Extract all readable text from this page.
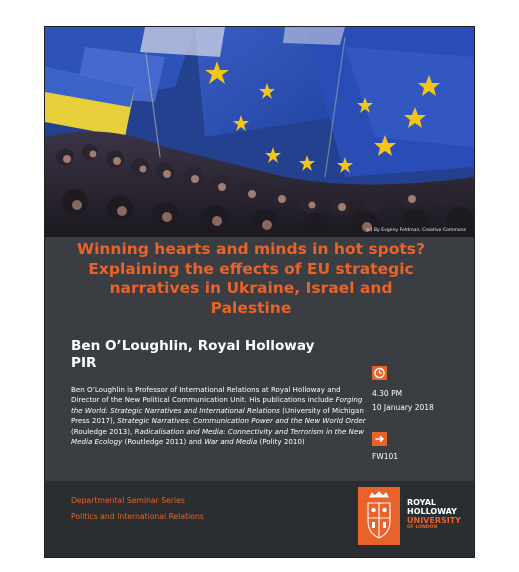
(c) By Evgeny Feldman, Creative Commons
Winning hearts and minds in hot spots? Explaining the effects of EU strategic narratives in Ukraine, Israel and Palestine
Ben O’Loughlin, Royal Holloway
PIR

Ben O’Loughlin is Professor of International Relations at Royal Holloway and Director of the New Political Communication Unit. His publications include Forging the World: Strategic Narratives and International Relations (University of Michigan Press 2017), Strategic Narratives: Communication Power and the New World Order (Rouledge 2013), Radicalisation and Media: Connectivity and Terrorism in the New Media Ecology (Routledge 2011) and War and Media (Polity 2010)

4.30 PM
10 January 2018
FW101
Departmental Seminar Series
Politics and International Relations
ROYAL
HOLLOWAY
UNIVERSITY
OF LONDON
